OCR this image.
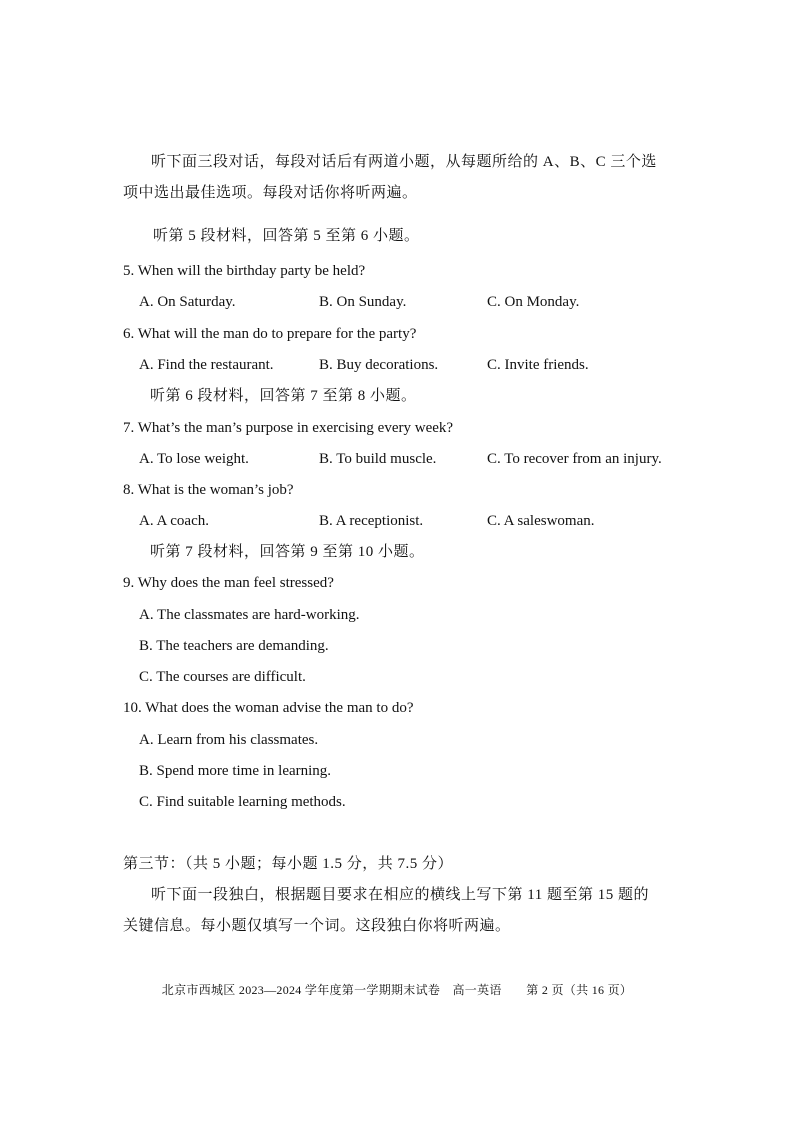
听下面三段对话，每段对话后有两道小题，从每题所给的 A、B、C 三个选
项中选出最佳选项。每段对话你将听两遍。
听第 5 段材料，回答第 5 至第 6 小题。
5. When will the birthday party be held?
A. On Saturday.	B. On Sunday.	C. On Monday.
6. What will the man do to prepare for the party?
A. Find the restaurant.	B. Buy decorations.	C. Invite friends.
听第 6 段材料，回答第 7 至第 8 小题。
7. What’s the man’s purpose in exercising every week?
A. To lose weight.	B. To build muscle.	C. To recover from an injury.
8. What is the woman’s job?
A. A coach.	B. A receptionist.	C. A saleswoman.
听第 7 段材料，回答第 9 至第 10 小题。
9. Why does the man feel stressed?
A. The classmates are hard-working.
B. The teachers are demanding.
C. The courses are difficult.
10. What does the woman advise the man to do?
A. Learn from his classmates.
B. Spend more time in learning.
C. Find suitable learning methods.
第三节：（共 5 小题；每小题 1.5 分，共 7.5 分）
听下面一段独白，根据题目要求在相应的横线上写下第 11 题至第 15 题的
关键信息。每小题仅填写一个词。这段独白你将听两遍。
北京市西城区 2023—2024 学年度第一学期期末试卷　高一英语　　第 2 页（共 16 页）
